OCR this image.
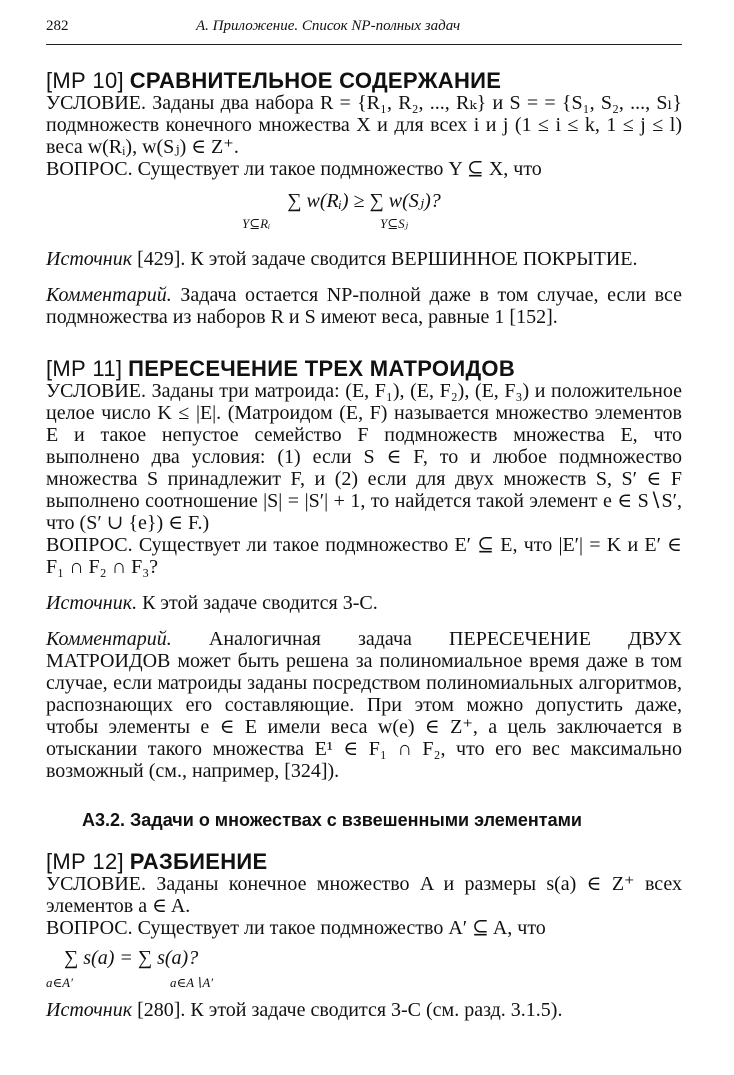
282	А. Приложение. Список NP-полных задач
[МР 10] СРАВНИТЕЛЬНОЕ СОДЕРЖАНИЕ

УСЛОВИЕ. Заданы два набора R = {R₁, R₂, ..., Rₖ} и S = = {S₁, S₂, ..., Sₗ} подмножеств конечного множества X и для всех i и j (1 ≤ i ≤ k, 1 ≤ j ≤ l) веса w(Rᵢ), w(Sⱼ) ∈ Z⁺.

ВОПРОС. Существует ли такое подмножество Y ⊆ X, что

∑ w(Rᵢ) ≥ ∑ w(Sⱼ)?
Y⊆Rᵢ	Y⊆Sⱼ

Источник [429]. К этой задаче сводится ВЕРШИННОЕ ПОКРЫТИЕ.

Комментарий. Задача остается NP-полной даже в том случае, если все подмножества из наборов R и S имеют веса, равные 1 [152].

[МР 11] ПЕРЕСЕЧЕНИЕ ТРЕХ МАТРОИДОВ

УСЛОВИЕ. Заданы три матроида: (E, F₁), (E, F₂), (E, F₃) и положительное целое число K ≤ |E|. (Матроидом (E, F) называется множество элементов E и такое непустое семейство F подмножеств множества E, что выполнено два условия: (1) если S ∈ F, то и любое подмножество множества S принадлежит F, и (2) если для двух множеств S, S′ ∈ F выполнено соотношение |S| = |S′| + 1, то найдется такой элемент e ∈ S∖S′, что (S′ ∪ {e}) ∈ F.)

ВОПРОС. Существует ли такое подмножество E′ ⊆ E, что |E′| = K и E′ ∈ F₁ ∩ F₂ ∩ F₃?

Источник. К этой задаче сводится 3-С.

Комментарий. Аналогичная задача ПЕРЕСЕЧЕНИЕ ДВУХ МАТРОИДОВ может быть решена за полиномиальное время даже в том случае, если матроиды заданы посредством полиномиальных алгоритмов, распознающих его составляющие. При этом можно допустить даже, чтобы элементы e ∈ E имели веса w(e) ∈ Z⁺, а цель заключается в отыскании такого множества E¹ ∈ F₁ ∩ F₂, что его вес максимально возможный (см., например, [324]).

А3.2. Задачи о множествах с взвешенными элементами
[МР 12] РАЗБИЕНИЕ

УСЛОВИЕ. Заданы конечное множество A и размеры s(a) ∈ Z⁺ всех элементов a ∈ A.

ВОПРОС. Существует ли такое подмножество A′ ⊆ A, что

∑ s(a) = ∑ s(a)?
a∈A′	a∈A∖A′

Источник [280]. К этой задаче сводится 3-С (см. разд. 3.1.5).
